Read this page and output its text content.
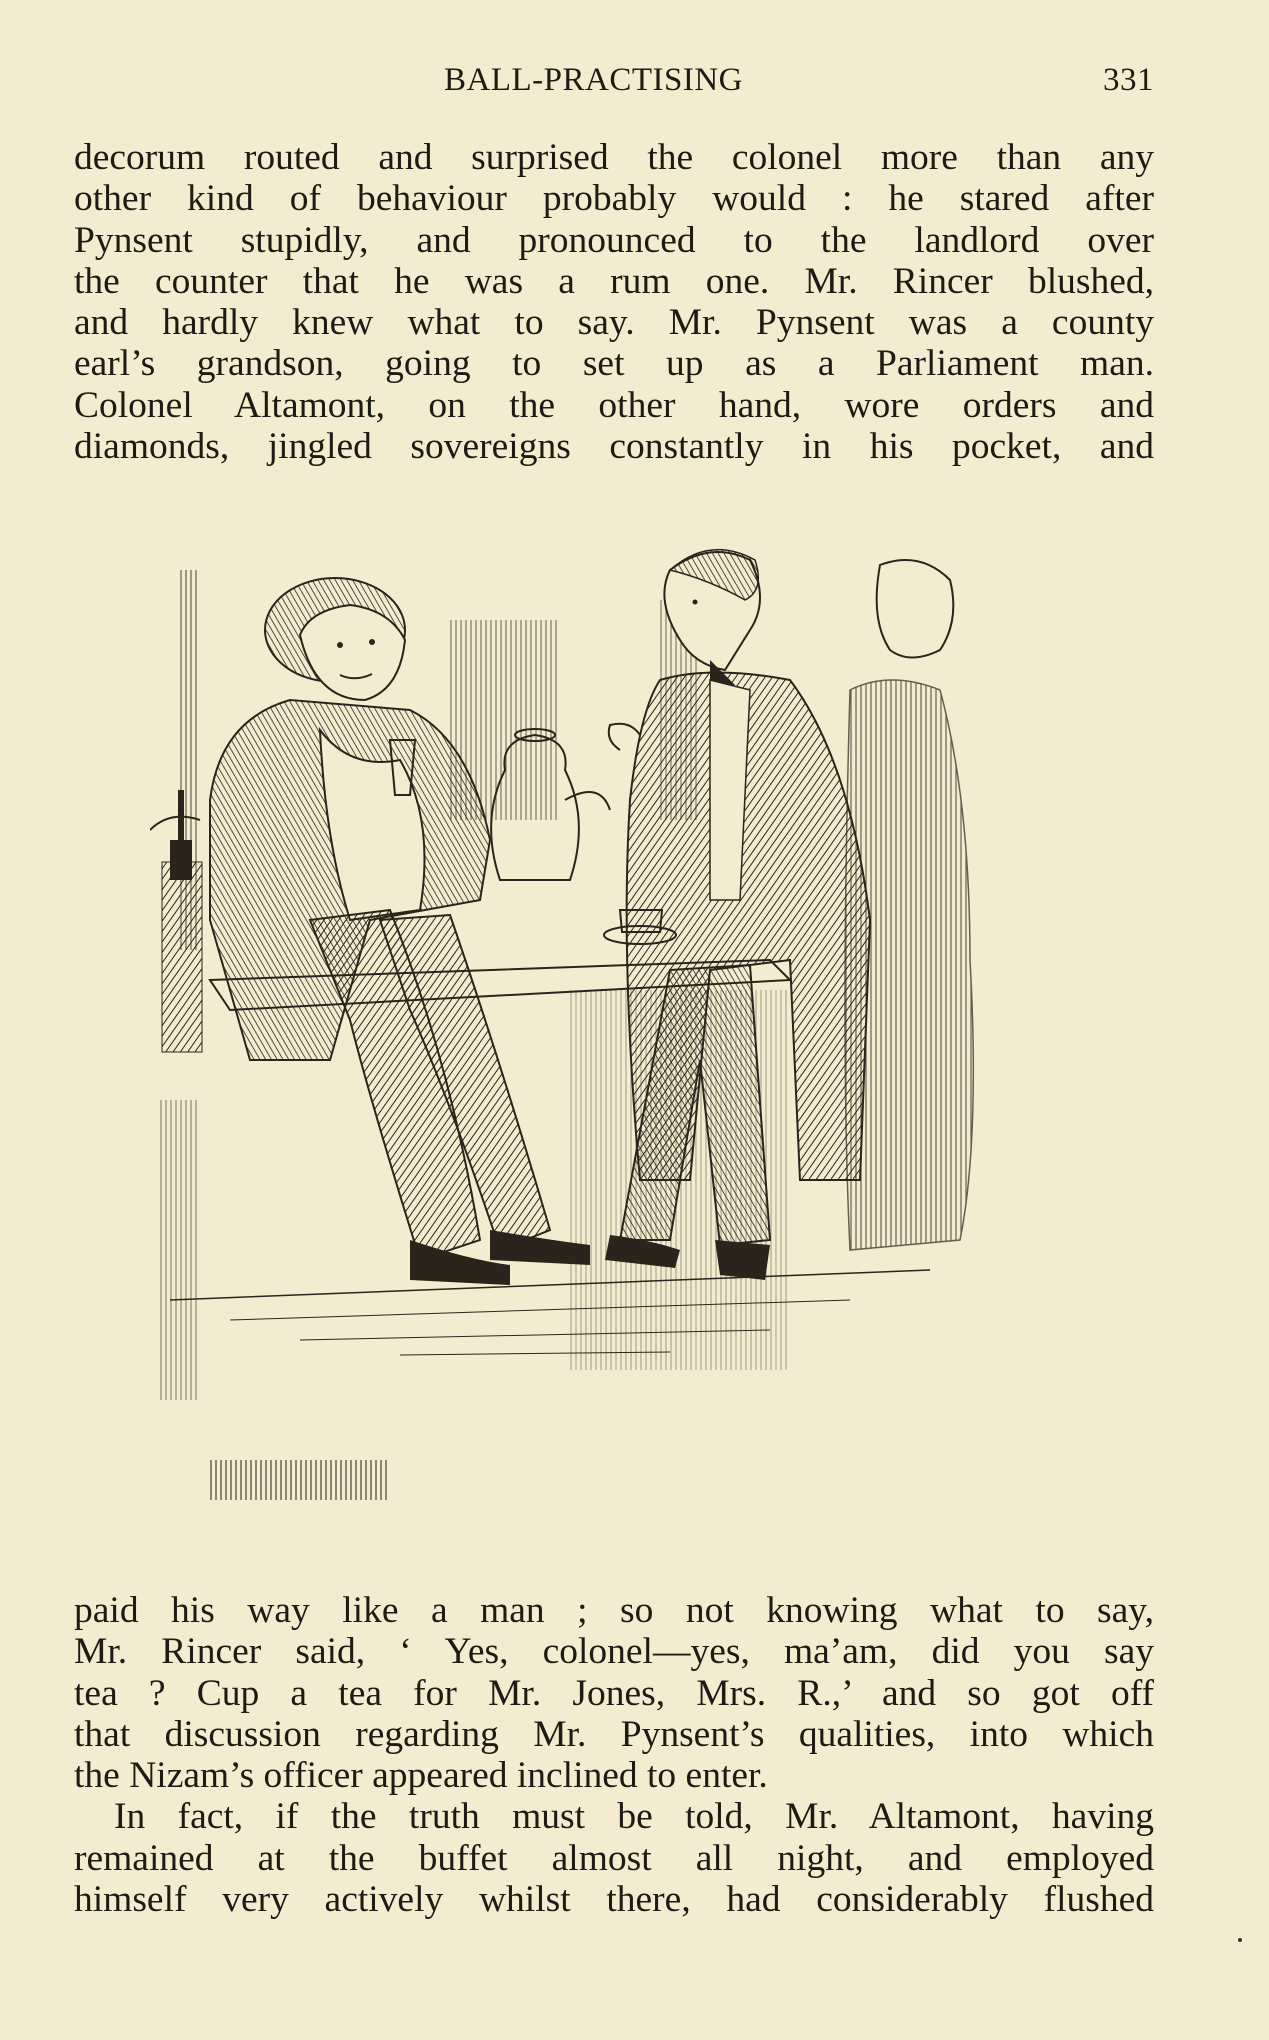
BALL-PRACTISING	331
decorum routed and surprised the colonel more than any
other kind of behaviour probably would : he stared after
Pynsent stupidly, and pronounced to the landlord over
the counter that he was a rum one. Mr. Rincer blushed,
and hardly knew what to say. Mr. Pynsent was a county
earl’s grandson, going to set up as a Parliament man.
Colonel Altamont, on the other hand, wore orders and
diamonds, jingled sovereigns constantly in his pocket, and
paid his way like a man ; so not knowing what to say,
Mr. Rincer said, ‘ Yes, colonel—yes, ma’am, did you say
tea ? Cup a tea for Mr. Jones, Mrs. R.,’ and so got off
that discussion regarding Mr. Pynsent’s qualities, into which
the Nizam’s officer appeared inclined to enter.
In fact, if the truth must be told, Mr. Altamont, having
remained at the buffet almost all night, and employed
himself very actively whilst there, had considerably flushed
